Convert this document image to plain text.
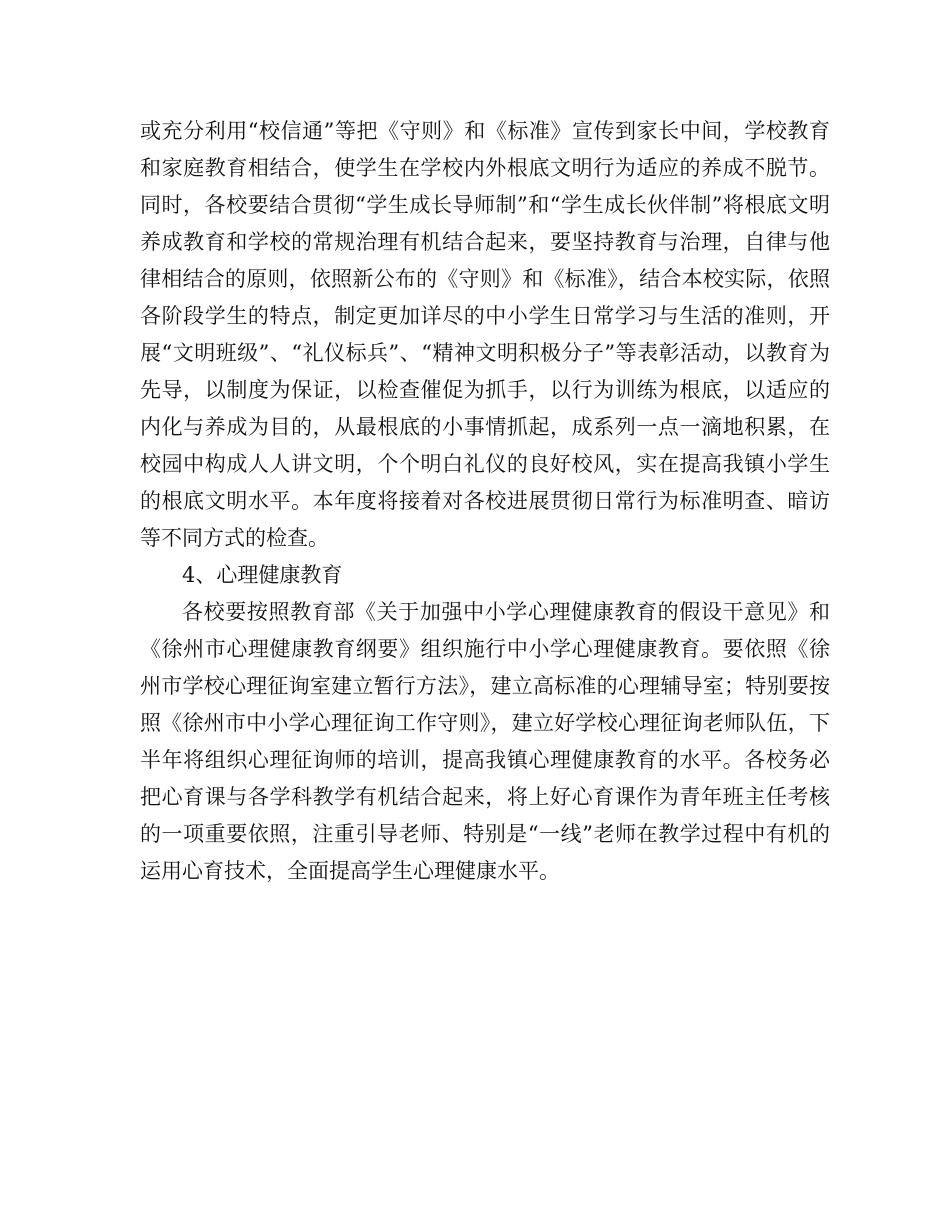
或充分利用“校信通”等把《守则》和《标准》宣传到家长中间，学校教育和家庭教育相结合，使学生在学校内外根底文明行为适应的养成不脱节。同时，各校要结合贯彻“学生成长导师制”和“学生成长伙伴制”将根底文明养成教育和学校的常规治理有机结合起来，要坚持教育与治理，自律与他律相结合的原则，依照新公布的《守则》和《标准》，结合本校实际，依照各阶段学生的特点，制定更加详尽的中小学生日常学习与生活的准则，开展“文明班级”、“礼仪标兵”、“精神文明积极分子”等表彰活动，以教育为先导，以制度为保证，以检查催促为抓手，以行为训练为根底，以适应的内化与养成为目的，从最根底的小事情抓起，成系列一点一滴地积累，在校园中构成人人讲文明，个个明白礼仪的良好校风，实在提高我镇小学生的根底文明水平。本年度将接着对各校进展贯彻日常行为标准明查、暗访等不同方式的检查。

4、心理健康教育

各校要按照教育部《关于加强中小学心理健康教育的假设干意见》和《徐州市心理健康教育纲要》组织施行中小学心理健康教育。要依照《徐州市学校心理征询室建立暂行方法》，建立高标准的心理辅导室；特别要按照《徐州市中小学心理征询工作守则》，建立好学校心理征询老师队伍，下半年将组织心理征询师的培训，提高我镇心理健康教育的水平。各校务必把心育课与各学科教学有机结合起来，将上好心育课作为青年班主任考核的一项重要依照，注重引导老师、特别是“一线”老师在教学过程中有机的运用心育技术，全面提高学生心理健康水平。
